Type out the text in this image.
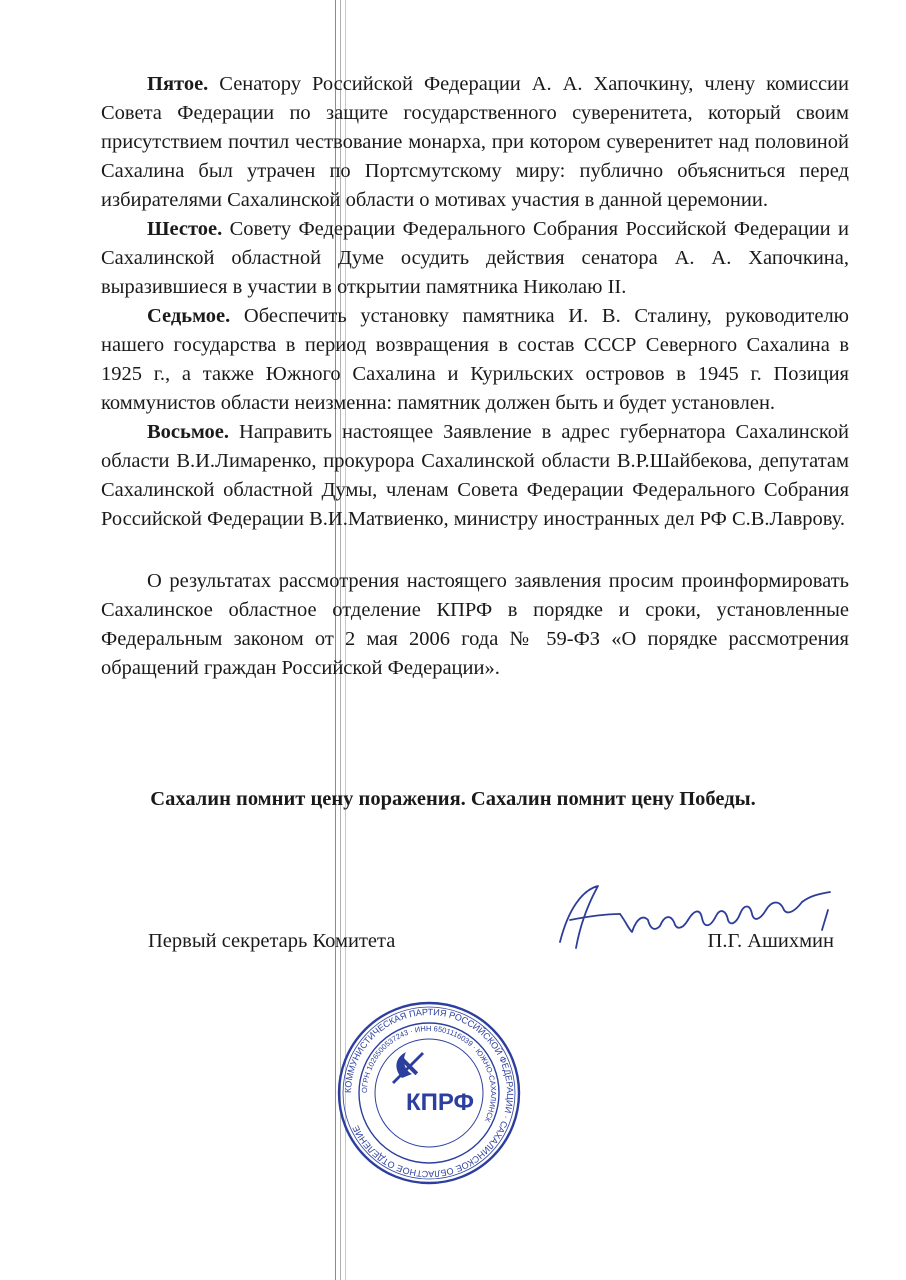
Пятое. Сенатору Российской Федерации А. А. Хапочкину, члену комиссии Совета Федерации по защите государственного суверенитета, который своим присутствием почтил чествование монарха, при котором суверенитет над половиной Сахалина был утрачен по Портсмутскому миру: публично объясниться перед избирателями Сахалинской области о мотивах участия в данной церемонии.

Шестое. Совету Федерации Федерального Собрания Российской Федерации и Сахалинской областной Думе осудить действия сенатора А. А. Хапочкина, выразившиеся в участии в открытии памятника Николаю II.

Седьмое. Обеспечить установку памятника И. В. Сталину, руководителю нашего государства в период возвращения в состав СССР Северного Сахалина в 1925 г., а также Южного Сахалина и Курильских островов в 1945 г. Позиция коммунистов области неизменна: памятник должен быть и будет установлен.

Восьмое. Направить настоящее Заявление в адрес губернатора Сахалинской области В.И.Лимаренко, прокурора Сахалинской области В.Р.Шайбекова, депутатам Сахалинской областной Думы, членам Совета Федерации Федерального Собрания Российской Федерации В.И.Матвиенко, министру иностранных дел РФ С.В.Лаврову.

О результатах рассмотрения настоящего заявления просим проинформировать Сахалинское областное отделение КПРФ в порядке и сроки, установленные Федеральным законом от 2 мая 2006 года № 59-ФЗ «О порядке рассмотрения обращений граждан Российской Федерации».

Сахалин помнит цену поражения. Сахалин помнит цену Победы.
Первый секретарь Комитета	П.Г. Ашихмин
КОММУНИСТИЧЕСКАЯ ПАРТИЯ РОССИЙСКОЙ ФЕДЕРАЦИИ · САХАЛИНСКОЕ ОБЛАСТНОЕ ОТДЕЛЕНИЕ
ОГРН 1026500537243 · ИНН 6501116039 · ЮЖНО-САХАЛИНСК
КПРФ
